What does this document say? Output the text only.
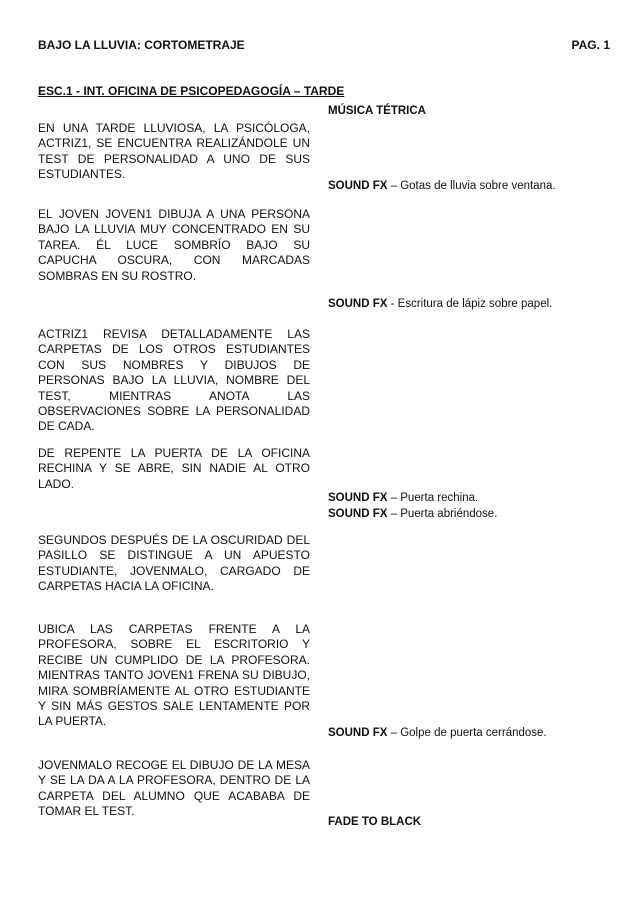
BAJO LA LLUVIA: CORTOMETRAJE	PAG. 1
ESC.1 - INT. OFICINA DE PSICOPEDAGOGÍA – TARDE
EN UNA TARDE LLUVIOSA, LA PSICÓLOGA, ACTRIZ1, SE ENCUENTRA REALIZÁNDOLE UN TEST DE PERSONALIDAD A UNO DE SUS ESTUDIANTES.
EL JOVEN JOVEN1 DIBUJA A UNA PERSONA BAJO LA LLUVIA MUY CONCENTRADO EN SU TAREA. ÉL LUCE SOMBRÍO BAJO SU CAPUCHA OSCURA, CON MARCADAS SOMBRAS EN SU ROSTRO.
ACTRIZ1 REVISA DETALLADAMENTE LAS CARPETAS DE LOS OTROS ESTUDIANTES CON SUS NOMBRES Y DIBUJOS DE PERSONAS BAJO LA LLUVIA, NOMBRE DEL TEST, MIENTRAS ANOTA LAS OBSERVACIONES SOBRE LA PERSONALIDAD DE CADA.
DE REPENTE LA PUERTA DE LA OFICINA RECHINA Y SE ABRE, SIN NADIE AL OTRO LADO.
SEGUNDOS DESPUÉS DE LA OSCURIDAD DEL PASILLO SE DISTINGUE A UN APUESTO ESTUDIANTE, JOVENMALO, CARGADO DE CARPETAS HACIA LA OFICINA.
UBICA LAS CARPETAS FRENTE A LA PROFESORA, SOBRE EL ESCRITORIO Y RECIBE UN CUMPLIDO DE LA PROFESORA. MIENTRAS TANTO JOVEN1 FRENA SU DIBUJO, MIRA SOMBRÍAMENTE AL OTRO ESTUDIANTE Y SIN MÁS GESTOS SALE LENTAMENTE POR LA PUERTA.
JOVENMALO RECOGE EL DIBUJO DE LA MESA Y SE LA DA A LA PROFESORA, DENTRO DE LA CARPETA DEL ALUMNO QUE ACABABA DE TOMAR EL TEST.
MÚSICA TÉTRICA
SOUND FX – Gotas de lluvia sobre ventana.
SOUND FX - Escritura de lápiz sobre papel.
SOUND FX – Puerta rechina.
SOUND FX – Puerta abriéndose.
SOUND FX – Golpe de puerta cerrándose.
FADE TO BLACK
